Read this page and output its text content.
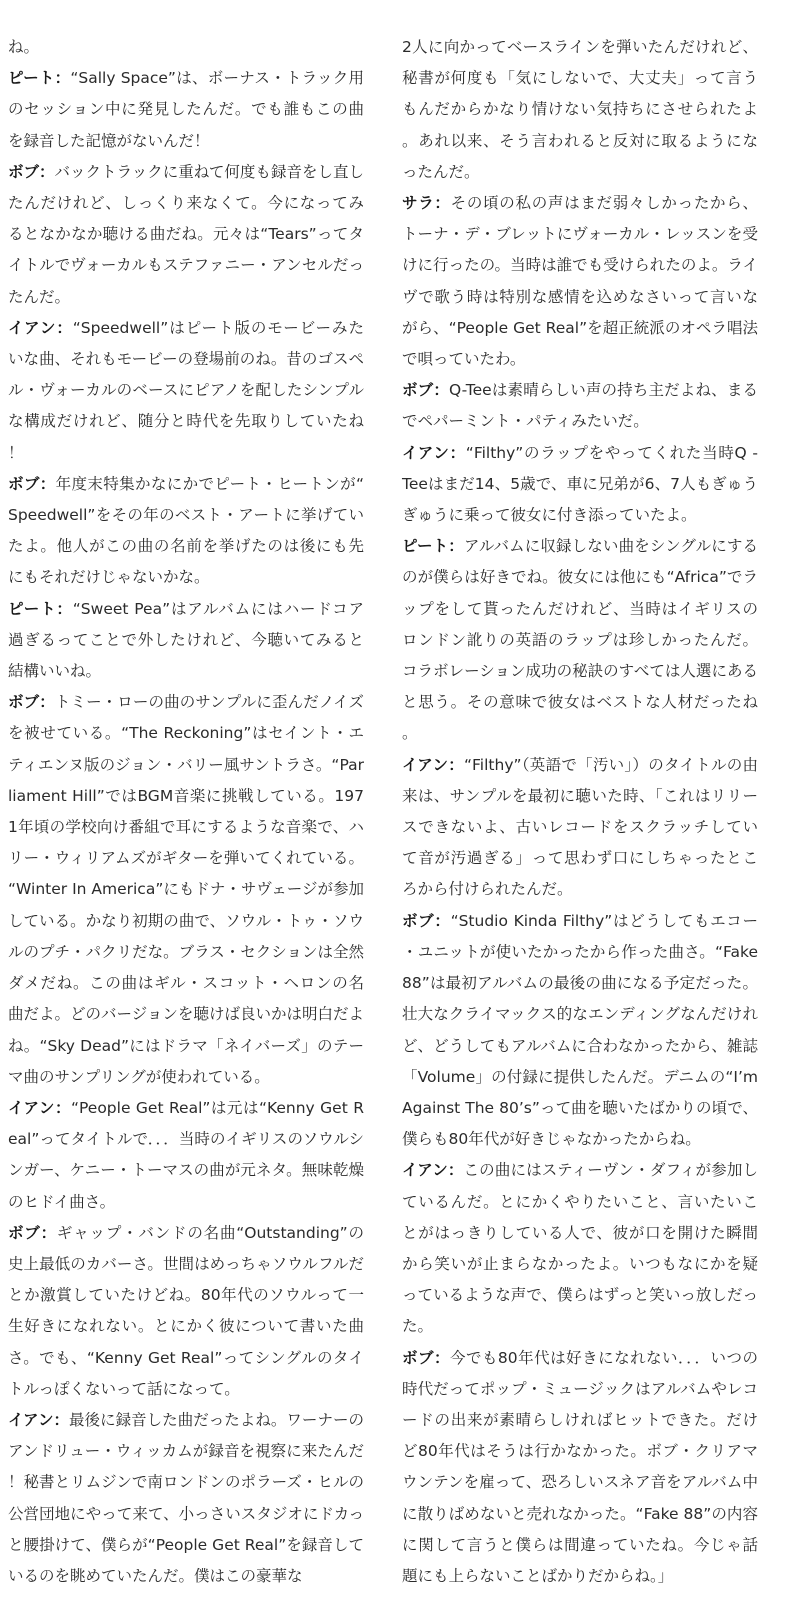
ね。

ピート：“Sally Space”は、ボーナス・トラック用のセッション中に発見したんだ。でも誰もこの曲を録音した記憶がないんだ！

ボブ：バックトラックに重ねて何度も録音をし直したんだけれど、しっくり来なくて。今になってみるとなかなか聴ける曲だね。元々は“Tears”ってタイトルでヴォーカルもステファニー・アンセルだったんだ。

イアン：“Speedwell”はピート版のモービーみたいな曲、それもモービーの登場前のね。昔のゴスペル・ヴォーカルのベースにピアノを配したシンプルな構成だけれど、随分と時代を先取りしていたね！

ボブ：年度末特集かなにかでピート・ヒートンが“Speedwell”をその年のベスト・アートに挙げていたよ。他人がこの曲の名前を挙げたのは後にも先にもそれだけじゃないかな。

ピート：“Sweet Pea”はアルバムにはハードコア過ぎるってことで外したけれど、今聴いてみると結構いいね。

ボブ：トミー・ローの曲のサンプルに歪んだノイズを被せている。“The Reckoning”はセイント・エティエンヌ版のジョン・バリー風サントラさ。“Parliament Hill”ではBGM音楽に挑戦している。1971年頃の学校向け番組で耳にするような音楽で、ハリー・ウィリアムズがギターを弾いてくれている。“Winter In America”にもドナ・サヴェージが参加している。かなり初期の曲で、ソウル・トゥ・ソウルのプチ・パクリだな。ブラス・セクションは全然ダメだね。この曲はギル・スコット・ヘロンの名曲だよ。どのバージョンを聴けば良いかは明白だよね。“Sky Dead”にはドラマ「ネイバーズ」のテーマ曲のサンプリングが使われている。

イアン：“People Get Real”は元は“Kenny Get Real”ってタイトルで．．．当時のイギリスのソウルシンガー、ケニー・トーマスの曲が元ネタ。無味乾燥のヒドイ曲さ。

ボブ：ギャップ・バンドの名曲“Outstanding”の史上最低のカバーさ。世間はめっちゃソウルフルだとか激賞していたけどね。80年代のソウルって一生好きになれない。とにかく彼について書いた曲さ。でも、“Kenny Get Real”ってシングルのタイトルっぽくないって話になって。

イアン：最後に録音した曲だったよね。ワーナーのアンドリュー・ウィッカムが録音を視察に来たんだ！秘書とリムジンで南ロンドンのポラーズ・ヒルの公営団地にやって来て、小っさいスタジオにドカっと腰掛けて、僕らが“People Get Real”を録音しているのを眺めていたんだ。僕はこの豪華な

2人に向かってベースラインを弾いたんだけれど、秘書が何度も「気にしないで、大丈夫」って言うもんだからかなり情けない気持ちにさせられたよ。あれ以来、そう言われると反対に取るようになったんだ。

サラ：その頃の私の声はまだ弱々しかったから、トーナ・デ・ブレットにヴォーカル・レッスンを受けに行ったの。当時は誰でも受けられたのよ。ライヴで歌う時は特別な感情を込めなさいって言いながら、“People Get Real”を超正統派のオペラ唱法で唄っていたわ。

ボブ：Q-Teeは素晴らしい声の持ち主だよね、まるでペパーミント・パティみたいだ。

イアン：“Filthy”のラップをやってくれた当時Q - Teeはまだ14、5歳で、車に兄弟が6、7人もぎゅうぎゅうに乗って彼女に付き添っていたよ。

ピート：アルバムに収録しない曲をシングルにするのが僕らは好きでね。彼女には他にも“Africa”でラップをして貰ったんだけれど、当時はイギリスのロンドン訛りの英語のラップは珍しかったんだ。コラボレーション成功の秘訣のすべては人選にあると思う。その意味で彼女はベストな人材だったね。

イアン：“Filthy”（英語で「汚い」）のタイトルの由来は、サンプルを最初に聴いた時、「これはリリースできないよ、古いレコードをスクラッチしていて音が汚過ぎる」って思わず口にしちゃったところから付けられたんだ。

ボブ：“Studio Kinda Filthy”はどうしてもエコー・ユニットが使いたかったから作った曲さ。“Fake 88”は最初アルバムの最後の曲になる予定だった。壮大なクライマックス的なエンディングなんだけれど、どうしてもアルバムに合わなかったから、雑誌「Volume」の付録に提供したんだ。デニムの“I’m Against The 80’s”って曲を聴いたばかりの頃で、僕らも80年代が好きじゃなかったからね。

イアン：この曲にはスティーヴン・ダフィが参加しているんだ。とにかくやりたいこと、言いたいことがはっきりしている人で、彼が口を開けた瞬間から笑いが止まらなかったよ。いつもなにかを疑っているような声で、僕らはずっと笑いっ放しだった。

ボブ：今でも80年代は好きになれない．．．いつの時代だってポップ・ミュージックはアルバムやレコードの出来が素晴らしければヒットできた。だけど80年代はそうは行かなかった。ボブ・クリアマウンテンを雇って、恐ろしいスネア音をアルバム中に散りばめないと売れなかった。“Fake 88”の内容に関して言うと僕らは間違っていたね。今じゃ話題にも上らないことばかりだからね。」
